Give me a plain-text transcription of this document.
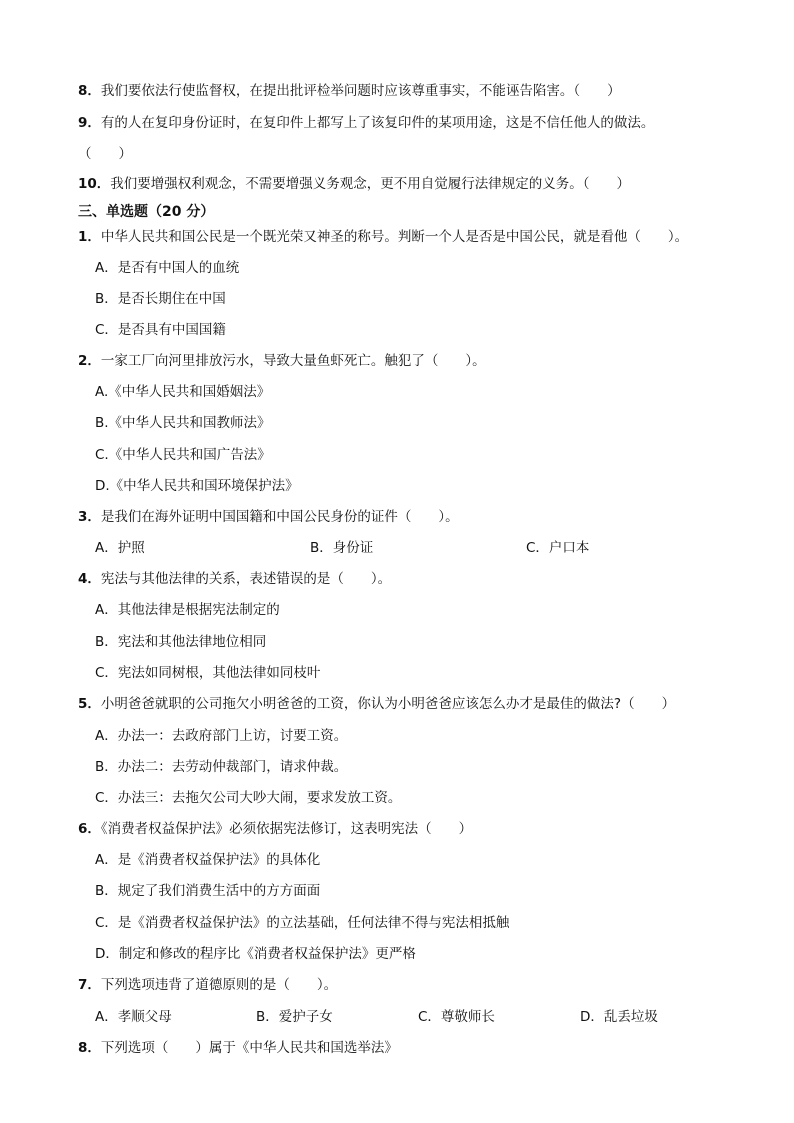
8．我们要依法行使监督权，在提出批评检举问题时应该尊重事实，不能诬告陷害。（　　）
9．有的人在复印身份证时，在复印件上都写上了该复印件的某项用途，这是不信任他人的做法。
（　　）
10．我们要增强权利观念，不需要增强义务观念，更不用自觉履行法律规定的义务。（　　）
三、单选题（20 分）
1．中华人民共和国公民是一个既光荣又神圣的称号。判断一个人是否是中国公民，就是看他（　　）。
A．是否有中国人的血统
B．是否长期住在中国
C．是否具有中国国籍
2．一家工厂向河里排放污水，导致大量鱼虾死亡。触犯了（　　）。
A.《中华人民共和国婚姻法》
B.《中华人民共和国教师法》
C.《中华人民共和国广告法》
D.《中华人民共和国环境保护法》
3．是我们在海外证明中国国籍和中国公民身份的证件（　　）。
A．护照	B．身份证	C．户口本
4．宪法与其他法律的关系，表述错误的是（　　）。
A．其他法律是根据宪法制定的
B．宪法和其他法律地位相同
C．宪法如同树根，其他法律如同枝叶
5．小明爸爸就职的公司拖欠小明爸爸的工资，你认为小明爸爸应该怎么办才是最佳的做法?（　　）
A．办法一：去政府部门上访，讨要工资。
B．办法二：去劳动仲裁部门，请求仲裁。
C．办法三：去拖欠公司大吵大闹，要求发放工资。
6．《消费者权益保护法》必须依据宪法修订，这表明宪法（　　）
A．是《消费者权益保护法》的具体化
B．规定了我们消费生活中的方方面面
C．是《消费者权益保护法》的立法基础，任何法律不得与宪法相抵触
D．制定和修改的程序比《消费者权益保护法》更严格
7．下列选项违背了道德原则的是（　　）。
A．孝顺父母	B．爱护子女	C．尊敬师长	D．乱丢垃圾
8．下列选项（　　）属于《中华人民共和国选举法》
